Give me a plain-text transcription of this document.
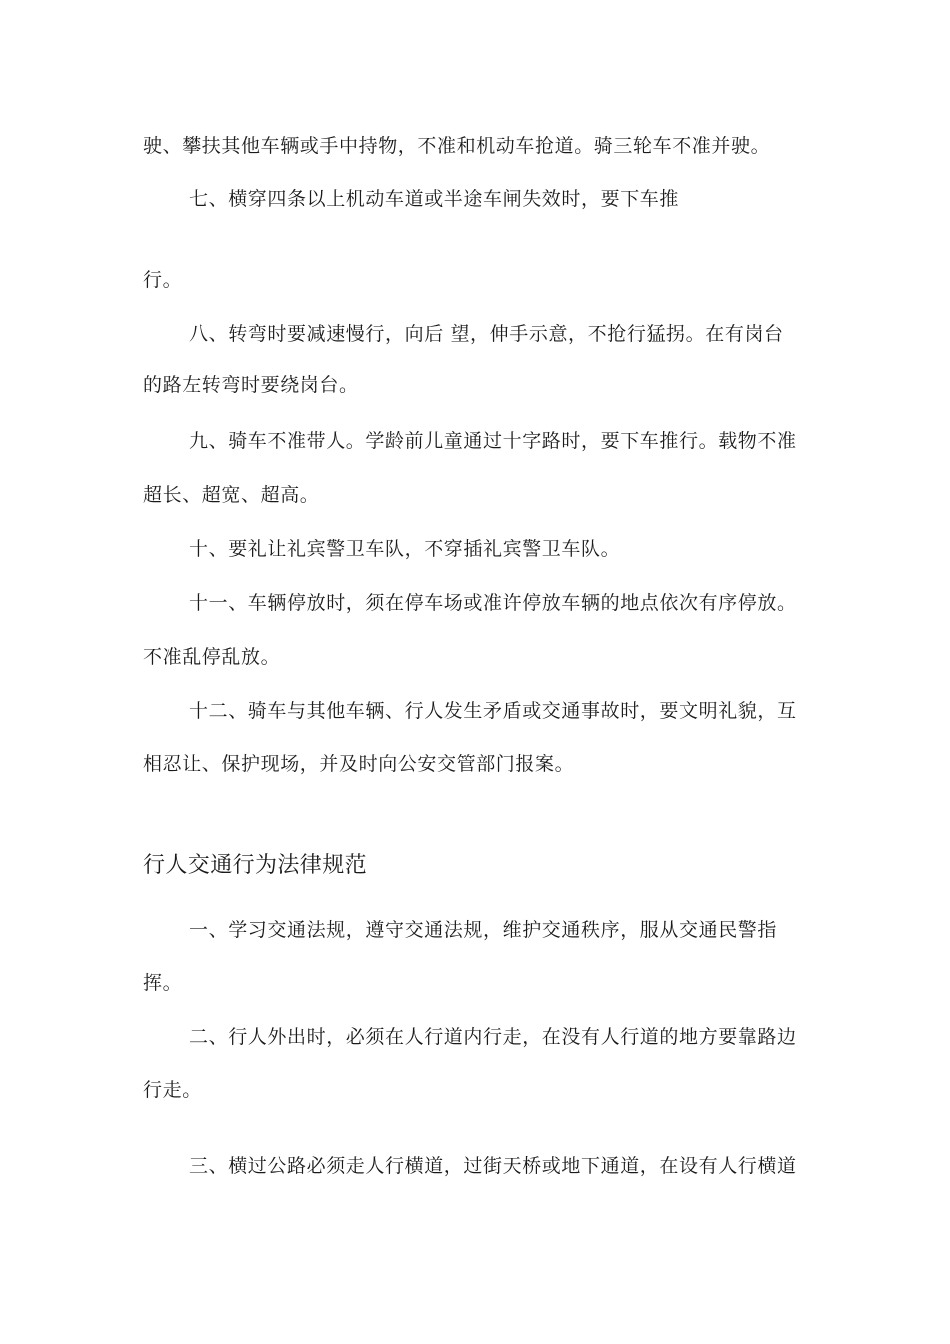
驶、攀扶其他车辆或手中持物，不准和机动车抢道。骑三轮车不准并驶。
七、横穿四条以上机动车道或半途车闸失效时，要下车推
行。
八、转弯时要减速慢行，向后 望，伸手示意，不抢行猛拐。在有岗台
的路左转弯时要绕岗台。
九、骑车不准带人。学龄前儿童通过十字路时，要下车推行。载物不准
超长、超宽、超高。
十、要礼让礼宾警卫车队，不穿插礼宾警卫车队。
十一、车辆停放时，须在停车场或准许停放车辆的地点依次有序停放。
不准乱停乱放。
十二、骑车与其他车辆、行人发生矛盾或交通事故时，要文明礼貌，互
相忍让、保护现场，并及时向公安交管部门报案。
行人交通行为法律规范
一、学习交通法规，遵守交通法规，维护交通秩序，服从交通民警指
挥。
二、行人外出时，必须在人行道内行走，在没有人行道的地方要靠路边
行走。
三、横过公路必须走人行横道，过街天桥或地下通道，在设有人行横道
